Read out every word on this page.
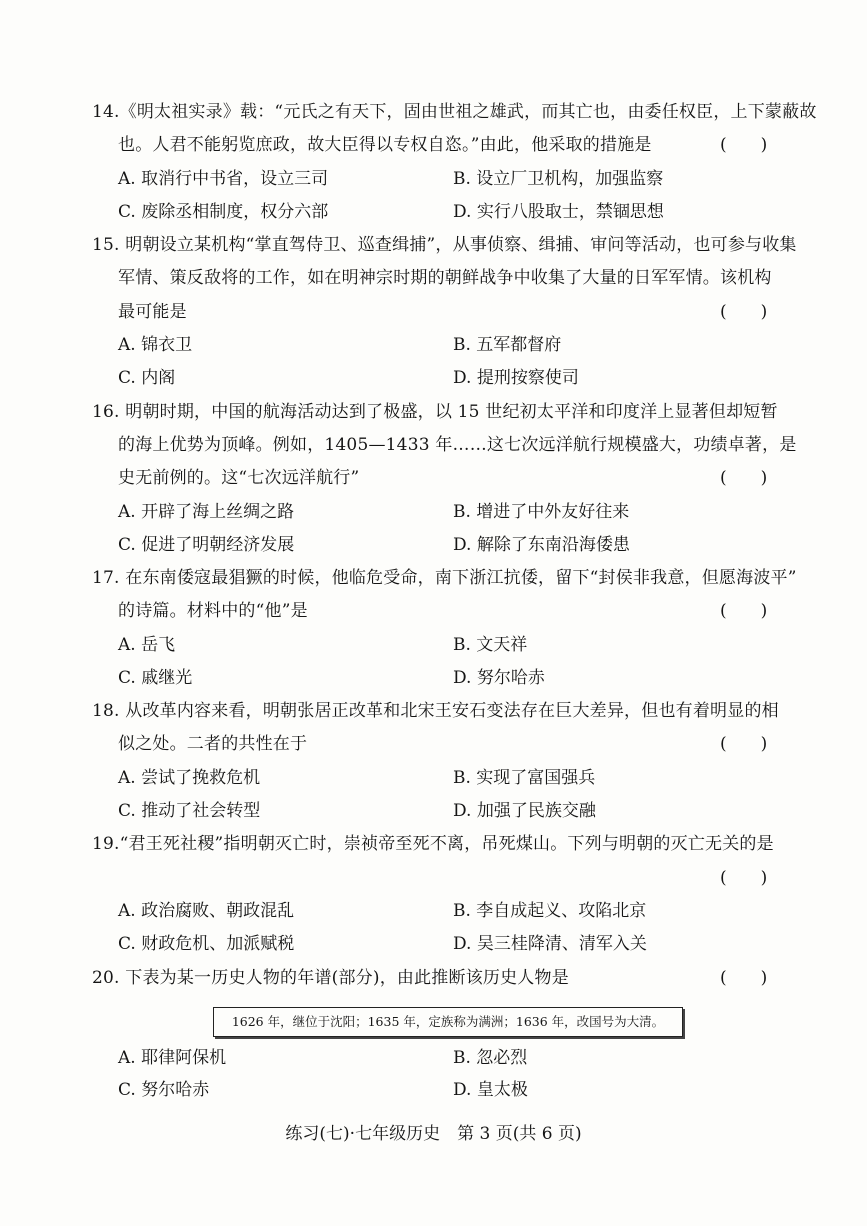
14.《明太祖实录》载：“元氏之有天下，固由世祖之雄武，而其亡也，由委任权臣，上下蒙蔽故
也。人君不能躬览庶政，故大臣得以专权自恣。”由此，他采取的措施是	(　　)
A. 取消行中书省，设立三司	B. 设立厂卫机构，加强监察
C. 废除丞相制度，权分六部	D. 实行八股取士，禁锢思想
15. 明朝设立某机构“掌直驾侍卫、巡查缉捕”，从事侦察、缉捕、审问等活动，也可参与收集
军情、策反敌将的工作，如在明神宗时期的朝鲜战争中收集了大量的日军军情。该机构
最可能是	(　　)
A. 锦衣卫	B. 五军都督府
C. 内阁	D. 提刑按察使司
16. 明朝时期，中国的航海活动达到了极盛，以 15 世纪初太平洋和印度洋上显著但却短暂
的海上优势为顶峰。例如，1405—1433 年……这七次远洋航行规模盛大，功绩卓著，是
史无前例的。这“七次远洋航行”	(　　)
A. 开辟了海上丝绸之路	B. 增进了中外友好往来
C. 促进了明朝经济发展	D. 解除了东南沿海倭患
17. 在东南倭寇最猖獗的时候，他临危受命，南下浙江抗倭，留下“封侯非我意，但愿海波平”
的诗篇。材料中的“他”是	(　　)
A. 岳飞	B. 文天祥
C. 戚继光	D. 努尔哈赤
18. 从改革内容来看，明朝张居正改革和北宋王安石变法存在巨大差异，但也有着明显的相
似之处。二者的共性在于	(　　)
A. 尝试了挽救危机	B. 实现了富国强兵
C. 推动了社会转型	D. 加强了民族交融
19.“君王死社稷”指明朝灭亡时，崇祯帝至死不离，吊死煤山。下列与明朝的灭亡无关的是
(　　)
A. 政治腐败、朝政混乱	B. 李自成起义、攻陷北京
C. 财政危机、加派赋税	D. 吴三桂降清、清军入关
20. 下表为某一历史人物的年谱(部分)，由此推断该历史人物是	(　　)
1626 年，继位于沈阳；1635 年，定族称为满洲；1636 年，改国号为大清。
A. 耶律阿保机	B. 忽必烈
C. 努尔哈赤	D. 皇太极
练习(七)·七年级历史　第 3 页(共 6 页)
